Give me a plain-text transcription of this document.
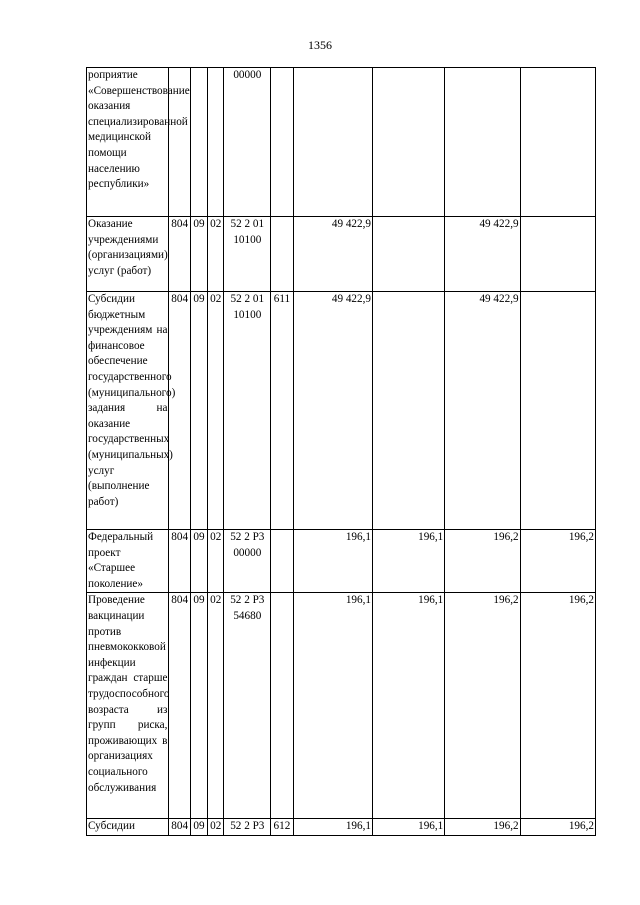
1356
роприятие «Совершенствование оказания специализированной медицинской помощи населению республики»				00000					
Оказание учреждениями (организациями) услуг (работ)	804	09	02	52 2 01 10100		49 422,9		49 422,9	
Субсидии бюджетным учреждениям на финансовое обеспечение государственного (муниципального) задания на оказание государственных (муниципальных) услуг (выполнение работ)	804	09	02	52 2 01 10100	611	49 422,9		49 422,9	
Федеральный проект «Старшее поколение»	804	09	02	52 2 P3 00000		196,1	196,1	196,2	196,2
Проведение вакцинации против пневмококковой инфекции граждан старше трудоспособного возраста из групп риска, проживающих в организациях социального обслуживания	804	09	02	52 2 P3 54680		196,1	196,1	196,2	196,2
Субсидии	804	09	02	52 2 P3	612	196,1	196,1	196,2	196,2
